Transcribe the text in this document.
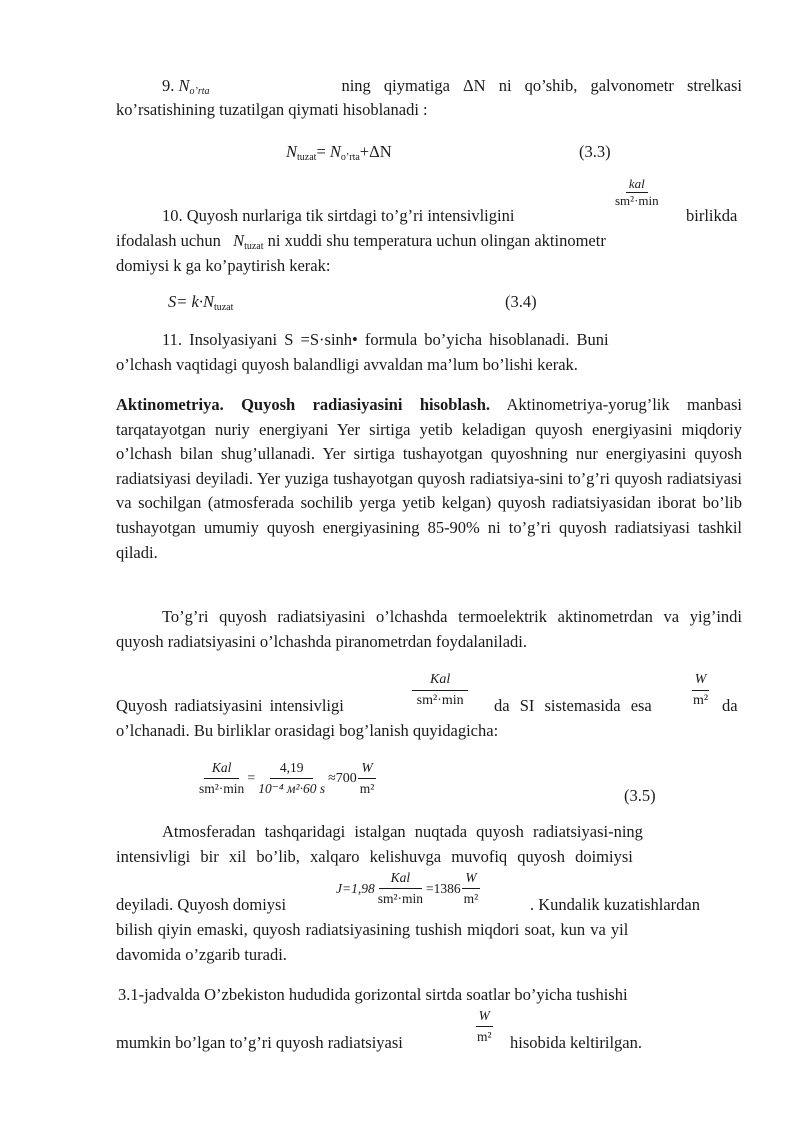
9. $N_{o’rta}$	ning qiymatiga ΔN ni qo’shib, galvonometr strelkasi
ko’rsatishining tuzatilgan qiymati hisoblanadi :
$N_{tuzat}= N_{o’rta}+\Delta N$	(3.3)
$\frac{\text{kal}}{\text{sm²·min}}$
10. Quyosh nurlariga tik sirtdagi to’g’ri intensivligini	birlikda
ifodalash uchun $N_{tuzat}$ ni xuddi shu temperatura uchun olingan aktinometr
domiysi k ga ko’paytirish kerak:
$S= k\cdot N_{tuzat}$	(3.4)
11. Insolyasiyani S =S·sinh• formula bo’yicha hisoblanadi. Buni
o’lchash vaqtidagi quyosh balandligi avvaldan ma’lum bo’lishi kerak.
Aktinometriya. Quyosh radiasiyasini hisoblash. Aktinometriya-yorug’lik manbasi tarqatayotgan nuriy energiyani Yer sirtiga yetib keladigan quyosh energiyasini miqdoriy o’lchash bilan shug’ullanadi. Yer sirtiga tushayotgan quyoshning nur energiyasini quyosh radiatsiyasi deyiladi. Yer yuziga tushayotgan quyosh radiatsiya-sini to’g’ri quyosh radiatsiyasi va sochilgan (atmosferada sochilib yerga yetib kelgan) quyosh radiatsiyasidan iborat bo’lib tushayotgan umumiy quyosh energiyasining 85-90% ni to’g’ri quyosh radiatsiyasi tashkil qiladi.
To’g’ri quyosh radiatsiyasini o’lchashda termoelektrik aktinometrdan va yig’indi quyosh radiatsiyasini o’lchashda piranometrdan foydalaniladi.
$\frac{\text{Kal}}{\text{sm²·min}}$	$\frac{W}{\text{m²}}$
Quyosh radiatsiyasini intensivligi	da SI sistemasida esa	da
o’lchanadi. Bu birliklar orasidagi bog’lanish quyidagicha:
$\frac{\text{Kal}}{\text{sm²·min}} = \frac{4,19}{\text{10⁻⁴ м²·60 s}} \approx 700 \frac{W}{\text{m²}}$	(3.5)
Atmosferadan tashqaridagi istalgan nuqtada quyosh radiatsiyasi-ning
intensivligi bir xil bo’lib, xalqaro kelishuvga muvofiq quyosh doimiysi
$J=1,98 \frac{\text{Kal}}{\text{sm²·min}} =1386 \frac{W}{\text{m²}}$
deyiladi. Quyosh domiysi	. Kundalik kuzatishlardan
bilish qiyin emaski, quyosh radiatsiyasining tushish miqdori soat, kun va yil
davomida o’zgarib turadi.
3.1-jadvalda O’zbekiston hududida gorizontal sirtda soatlar bo’yicha tushishi
$\frac{W}{\text{m²}}$
mumkin bo’lgan to’g’ri quyosh radiatsiyasi	hisobida keltirilgan.
